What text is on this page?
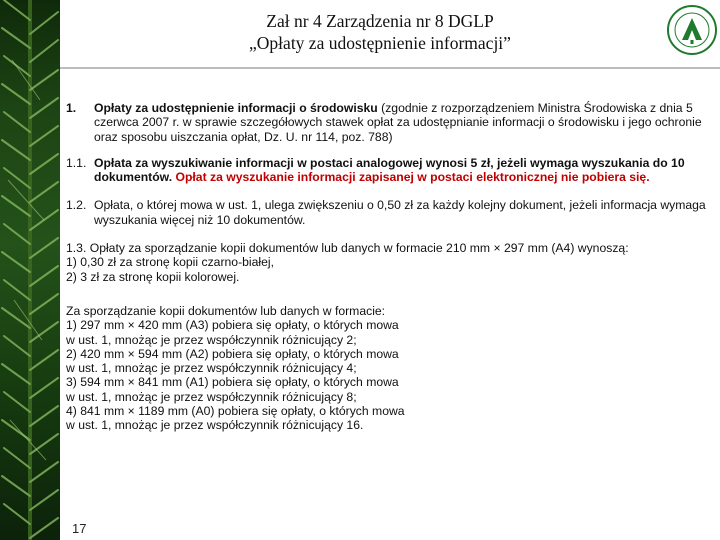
Zał nr 4 Zarządzenia nr 8 DGLP
„Opłaty za udostępnienie informacji”
1. Opłaty za udostępnienie informacji o środowisku (zgodnie z rozporządzeniem Ministra Środowiska z dnia 5 czerwca 2007 r. w sprawie szczegółowych stawek opłat za udostępnianie informacji o środowisku i jego ochronie oraz sposobu uiszczania opłat, Dz. U. nr 114, poz. 788)
1.1. Opłata za wyszukiwanie informacji w postaci analogowej wynosi 5 zł, jeżeli wymaga wyszukania do 10 dokumentów. Opłat za wyszukanie informacji zapisanej w postaci elektronicznej nie pobiera się.
1.2. Opłata, o której mowa w ust. 1, ulega zwiększeniu o 0,50 zł za każdy kolejny dokument, jeżeli informacja wymaga wyszukania więcej niż 10 dokumentów.
1.3. Opłaty za sporządzanie kopii dokumentów lub danych w formacie 210 mm × 297 mm (A4) wynoszą:
1) 0,30 zł za stronę kopii czarno-białej,
2) 3 zł za stronę kopii kolorowej.
Za sporządzanie kopii dokumentów lub danych w formacie:
1) 297 mm × 420 mm (A3) pobiera się opłaty, o których mowa
w ust. 1, mnożąc je przez współczynnik różnicujący 2;
2) 420 mm × 594 mm (A2) pobiera się opłaty, o których mowa
w ust. 1, mnożąc je przez współczynnik różnicujący 4;
3) 594 mm × 841 mm (A1) pobiera się opłaty, o których mowa
w ust. 1, mnożąc je przez współczynnik różnicujący 8;
4) 841 mm × 1189 mm (A0) pobiera się opłaty, o których mowa
w ust. 1, mnożąc je przez współczynnik różnicujący 16.
17
